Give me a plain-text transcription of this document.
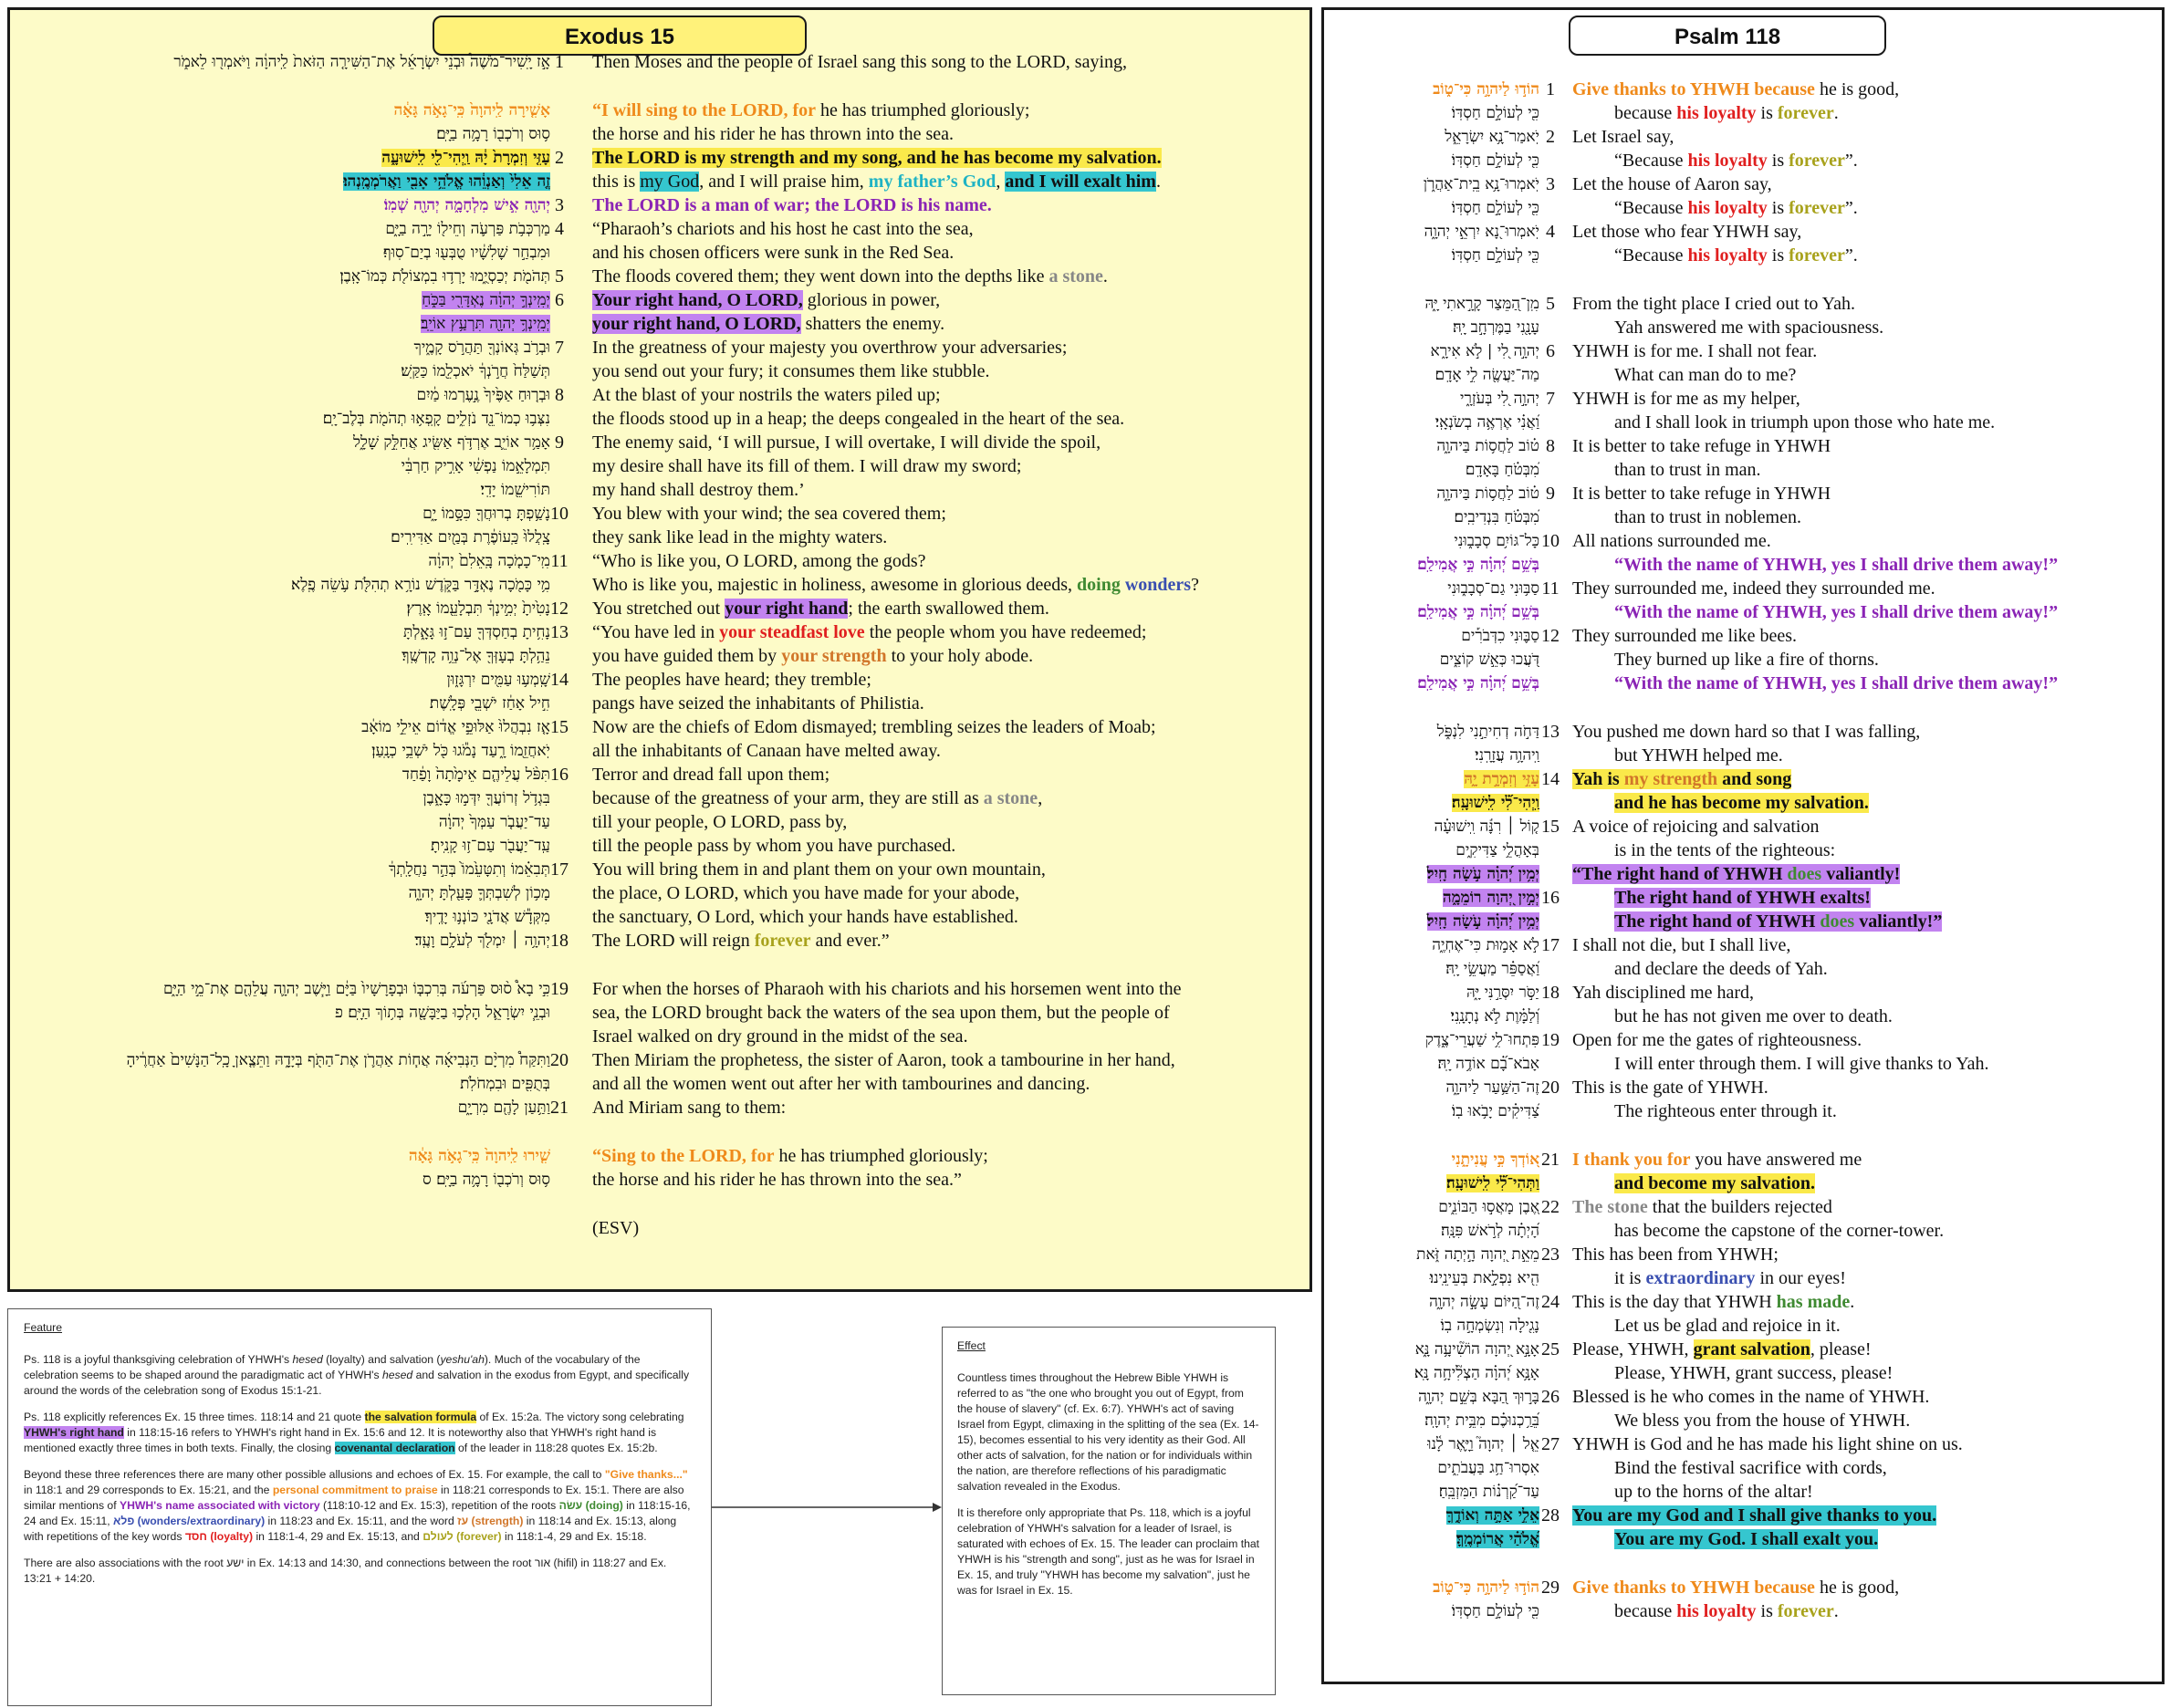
Exodus 15
אָ֣ז יָֽשִׁיר־מֹשֶׁה֩ וּבְנֵ֨י יִשְׂרָאֵ֜ל אֶת־הַשִּׁירָ֤ה הַזֹּאת֙ לַֽיהוָ֔ה וַיֹּאמְר֖וּ לֵאמֹ֑ר 1	Then Moses and the people of Israel sang this song to the LORD, saying,
אָשִׁ֤ירָה לַֽיהוָה֙ כִּֽי־גָאֹ֣ה גָּאָ֔ה “I will sing to the LORD, for he has triumphed gloriously;
ס֥וּס וְרֹכְב֖וֹ רָמָ֥ה בַיָּֽם׃ the horse and his rider he has thrown into the sea.
עָזִּ֤י וְזִמְרָת֙ יָ֔הּ וַֽיְהִי־לִ֖י לִֽישׁוּעָ֑ה 2	The LORD is my strength and my song, and he has become my salvation.
זֶ֤ה אֵלִי֙ וְאַנְוֵ֔הוּ אֱלֹהֵ֥י אָבִ֖י וַאֲרֹמְמֶֽנְהוּ׃ this is my God, and I will praise him, my father’s God, and I will exalt him.
יְהוָ֖ה אִ֣ישׁ מִלְחָמָ֑ה יְהוָ֖ה שְׁמֽוֹ׃ 3	The LORD is a man of war; the LORD is his name.
מַרְכְּבֹ֥ת פַּרְעֹ֛ה וְחֵיל֖וֹ יָרָ֣ה בַיָּ֑ם 4	“Pharaoh’s chariots and his host he cast into the sea,
וּמִבְחַ֣ר שָׁלִשָׁ֔יו טֻבְּע֖וּ בְיַם־סֽוּף׃ and his chosen officers were sunk in the Red Sea.
תְּהֹמֹ֖ת יְכַסְיֻ֑מוּ יָרְד֥וּ בִמְצוֹלֹ֖ת כְּמוֹ־אָֽבֶן׃ 5	The floods covered them; they went down into the depths like a stone.
יְמִֽינְךָ֣ יְהוָ֔ה נֶאְדָּרִ֖י בַּכֹּ֑חַ 6	Your right hand, O LORD, glorious in power,
יְמִֽינְךָ֥ יְהוָ֖ה תִּרְעַ֥ץ אוֹיֵֽב׃ your right hand, O LORD, shatters the enemy.
וּבְרֹ֥ב גְּאוֹנְךָ֖ תַּהֲרֹ֣ס קָמֶ֑יךָ 7	In the greatness of your majesty you overthrow your adversaries;
תְּשַׁלַּח֙ חֲרֹ֣נְךָ֔ יֹאכְלֵ֖מוֹ כַּקַּֽשׁ׃ you send out your fury; it consumes them like stubble.
וּבְר֤וּחַ אַפֶּ֙יךָ֙ נֶ֣עֶרְמוּ מַ֔יִם 8	At the blast of your nostrils the waters piled up;
נִצְּב֥וּ כְמוֹ־נֵ֖ד נֹזְלִ֑ים קָֽפְא֥וּ תְהֹמֹ֖ת בְּלֶב־יָֽם׃ the floods stood up in a heap; the deeps congealed in the heart of the sea.
אָמַ֥ר אוֹיֵ֛ב אֶרְדֹּ֥ף אַשִּׂ֖יג אֲחַלֵּ֣ק שָׁלָ֑ל 9	The enemy said, ‘I will pursue, I will overtake, I will divide the spoil,
תִּמְלָאֵ֣מוֹ נַפְשִׁ֔י אָרִ֣יק חַרְבִּ֔י my desire shall have its fill of them. I will draw my sword;
תּוֹרִישֵׁ֖מוֹ יָדִֽי׃ my hand shall destroy them.’
נָשַׁ֥פְתָּ בְרוּחֲךָ֖ כִּסָּ֣מוֹ יָ֑ם 10	You blew with your wind; the sea covered them;
צָֽלֲלוּ֙ כַּֽעוֹפֶ֔רֶת בְּמַ֖יִם אַדִּירִֽים׃ they sank like lead in the mighty waters.
מִֽי־כָמֹ֤כָה בָּֽאֵלִם֙ יְהוָ֔ה 11	“Who is like you, O LORD, among the gods?
מִ֥י כָּמֹ֖כָה נֶאְדָּ֣ר בַּקֹּ֑דֶשׁ נוֹרָ֥א תְהִלֹּ֖ת עֹ֥שֵׂה פֶֽלֶא׃ Who is like you, majestic in holiness, awesome in glorious deeds, doing wonders?
נָטִ֙יתָ֙ יְמִ֣ינְךָ֔ תִּבְלָעֵ֖מוֹ אָֽרֶץ׃ 12	You stretched out your right hand; the earth swallowed them.
נָחִ֥יתָ בְחַסְדְּךָ֖ עַם־ז֣וּ גָּאָ֑לְתָּ 13	“You have led in your steadfast love the people whom you have redeemed;
נֵהַ֥לְתָּ בְעָזְּךָ֖ אֶל־נְוֵ֥ה קָדְשֶֽׁךָ׃ you have guided them by your strength to your holy abode.
שָֽׁמְע֥וּ עַמִּ֖ים יִרְגָּז֑וּן 14	The peoples have heard; they tremble;
חִ֣יל אָחַ֔ז יֹשְׁבֵ֖י פְּלָֽשֶׁת׃ pangs have seized the inhabitants of Philistia.
אָ֤ז נִבְהֲלוּ֙ אַלּוּפֵ֣י אֱד֔וֹם אֵילֵ֣י מוֹאָ֔ב 15	Now are the chiefs of Edom dismayed; trembling seizes the leaders of Moab;
יֹֽאחֲזֵ֖מוֹ רָ֑עַד נָמֹ֕גוּ כֹּ֖ל יֹשְׁבֵ֥י כְנָֽעַן׃ all the inhabitants of Canaan have melted away.
תִּפֹּ֨ל עֲלֵיהֶ֤ם אֵימָ֙תָה֙ וָפַ֔חַד 16	Terror and dread fall upon them;
בִּגְדֹ֥ל זְרוֹעֲךָ֖ יִדְּמ֣וּ כָּאָ֑בֶן because of the greatness of your arm, they are still as a stone,
עַד־יַעֲבֹ֤ר עַמְּךָ֙ יְהוָ֔ה till your people, O LORD, pass by,
עַֽד־יַעֲבֹ֖ר עַם־ז֥וּ קָנִֽיתָ׃ till the people pass by whom you have purchased.
תְּבִאֵ֗מוֹ וְתִטָּעֵ֙מוֹ֙ בְּהַ֣ר נַחֲלָֽתְךָ֔ 17	You will bring them in and plant them on your own mountain,
מָכ֥וֹן לְשִׁבְתְּךָ֛ פָּעַ֖לְתָּ יְהוָ֑ה the place, O LORD, which you have made for your abode,
מִקְּדָ֕שׁ אֲדֹנָ֖י כּוֹנְנ֥וּ יָדֶֽיךָ׃ the sanctuary, O Lord, which your hands have established.
יְהוָ֥ה ׀ יִמְלֹ֖ךְ לְעֹלָ֥ם וָעֶֽד׃ 18	The LORD will reign forever and ever.”
כִּ֣י בָא֩ ס֨וּס פַּרְעֹ֜ה בְּרִכְבּ֤וֹ וּבְפָרָשָׁיו֙ בַּיָּ֔ם וַיָּ֧שֶׁב יְהוָ֛ה עֲלֵהֶ֖ם אֶת־מֵ֣י הַיָּ֑ם 19	For when the horses of Pharaoh with his chariots and his horsemen went into the
וּבְנֵ֧י יִשְׂרָאֵ֛ל הָלְכ֥וּ בַיַּבָּשָׁ֖ה בְּת֥וֹךְ הַיָּֽם׃ פ sea, the LORD brought back the waters of the sea upon them, but the people of
Israel walked on dry ground in the midst of the sea.
וַתִּקַּח֩ מִרְיָ֨ם הַנְּבִיאָ֜ה אֲח֧וֹת אַהֲרֹ֛ן אֶת־הַתֹּ֖ף בְּיָדָ֑הּ וַתֵּצֶ֤אןָ כָֽל־הַנָּשִׁים֙ אַחֲרֶ֔יהָ 20	Then Miriam the prophetess, the sister of Aaron, took a tambourine in her hand,
בְּתֻפִּ֖ים וּבִמְחֹלֹֽת׃ and all the women went out after her with tambourines and dancing.
וַתַּ֥עַן לָהֶ֖ם מִרְיָ֑ם 21	And Miriam sang to them:
שִׁ֤ירוּ לַֽיהוָה֙ כִּֽי־גָאֹ֣ה גָּאָ֔ה “Sing to the LORD, for he has triumphed gloriously;
ס֥וּס וְרֹכְב֖וֹ רָמָ֥ה בַיָּֽם׃ ס the horse and his rider he has thrown into the sea.”
(ESV)
Psalm 118
הוֹד֣וּ לַיהוָ֣ה כִּי־ט֑וֹב 1 Give thanks to YHWH because he is good,
כִּ֖י לְעוֹלָ֣ם חַסְדּֽוֹ׃	because his loyalty is forever.
יֹֽאמַר־נָ֥א יִשְׂרָאֵ֑ל 2 Let Israel say,
כִּ֖י לְעוֹלָ֣ם חַסְדּֽוֹ׃	“Because his loyalty is forever”.
יֹֽאמְרוּ־נָ֥א בֵֽית־אַהֲרֹ֑ן 3 Let the house of Aaron say,
כִּ֖י לְעוֹלָ֣ם חַסְדּֽוֹ׃	“Because his loyalty is forever”.
יֹֽאמְרוּ־נָ֭א יִרְאֵ֣י יְהוָ֑ה 4 Let those who fear YHWH say,
כִּ֖י לְעוֹלָ֣ם חַסְדּֽוֹ׃	“Because his loyalty is forever”.
מִֽן־הַ֭מֵּצַר קָרָ֣אתִי יָּ֑הּ 5 From the tight place I cried out to Yah.
עָנָ֖נִי בַמֶּרְחָ֣ב יָֽהּ׃	Yah answered me with spaciousness.
יְהוָ֣ה לִ֭י | לֹ֣א אִירָ֑א 6 YHWH is for me. I shall not fear.
מַה־יַּעֲשֶׂ֖ה לִ֣י אָדָֽם׃	What can man do to me?
יְהוָ֣ה לִ֭י בְּעֹזְרָ֑י 7 YHWH is for me as my helper,
וַ֝אֲנִ֗י אֶרְאֶ֥ה בְשֹׂנְאָֽי׃	and I shall look in triumph upon those who hate me.
ט֗וֹב לַחֲס֥וֹת בַּיהוָ֑ה 8 It is better to take refuge in YHWH
מִ֝בְּטֹ֗חַ בָּאָדָֽם׃	than to trust in man.
ט֗וֹב לַחֲס֥וֹת בַּיהוָ֑ה 9 It is better to take refuge in YHWH
מִ֝בְּטֹ֗חַ בִּנְדִיבִֽים׃	than to trust in noblemen.
כָּל־גּוֹיִ֥ם סְבָב֑וּנִי 10 All nations surrounded me.
בְּשֵׁ֥ם יְ֝הוָ֗ה כִּ֣י אֲמִילַֽם׃	“With the name of YHWH, yes I shall drive them away!”
סַבּ֥וּנִי גַם־סְבָב֑וּנִי 11 They surrounded me, indeed they surrounded me.
בְּשֵׁ֥ם יְ֝הוָ֗ה כִּ֣י אֲמִילַֽם׃	“With the name of YHWH, yes I shall drive them away!”
סַבּ֪וּנִי כִדְּבֹרִ֡ים 12 They surrounded me like bees.
דֹּ֭עֲכוּ כְּאֵ֣שׁ קוֹצִ֑ים	They burned up like a fire of thorns.
בְּשֵׁ֥ם יְ֝הוָ֗ה כִּ֣י אֲמִילַֽם׃	“With the name of YHWH, yes I shall drive them away!”
דַּחֹ֣ה דְחִיתַ֣נִי לִנְפֹּ֑ל 13 You pushed me down hard so that I was falling,
וַֽיהוָ֥ה עֲזָרָֽנִי׃	but YHWH helped me.
עָזִּ֣י וְזִמְרָ֣ת יָ֑הּ 14 Yah is my strength and song
וַֽיְהִי־לִ֝֗י לִֽישׁוּעָֽה׃	and he has become my salvation.
ק֤וֹל ׀ רִנָּ֬ה וִֽישׁוּעָ֗ה 15 A voice of rejoicing and salvation
בְּאָהֳלֵ֥י צַדִּיקִ֑ים	is in the tents of the righteous:
יְמִ֥ין יְ֝הוָ֗ה עֹ֣שָׂה חָֽיִל׃ “The right hand of YHWH does valiantly!
יְמִ֣ין יְ֭הוָה רוֹמֵמָ֑ה 16	The right hand of YHWH exalts!
יְמִ֥ין יְ֝הוָ֗ה עֹ֣שָׂה חָֽיִל׃	The right hand of YHWH does valiantly!”
לֹ֣א אָמ֣וּת כִּי־אֶחְיֶ֑ה 17 I shall not die, but I shall live,
וַ֝אֲסַפֵּ֗ר מַעֲשֵׂ֥י יָֽהּ׃	and declare the deeds of Yah.
יַסֹּ֣ר יִסְּרַ֣נִּי יָּ֑הּ 18 Yah disciplined me hard,
וְ֝לַמָּ֗וֶת לֹ֣א נְתָנָֽנִי׃	but he has not given me over to death.
פִּתְחוּ־לִ֥י שַׁעֲרֵי־צֶ֑דֶק 19 Open for me the gates of righteousness.
אָבֹא־בָ֝֗ם אוֹדֶ֥ה יָֽהּ׃	I will enter through them. I will give thanks to Yah.
זֶה־הַשַּׁ֥עַר לַיהוָ֑ה 20 This is the gate of YHWH.
צַ֝דִּיקִ֗ים יָבֹ֥אוּ בֽוֹ׃	The righteous enter through it.
א֭וֹדְךָ כִּ֣י עֲנִיתָ֑נִי 21 I thank you for you have answered me
וַתְּהִי־לִ֝֗י לִֽישׁוּעָֽה׃	and become my salvation.
אֶ֭בֶן מָאֲס֣וּ הַבּוֹנִ֑ים 22 The stone that the builders rejected
הָ֝יְתָ֗ה לְרֹ֣אשׁ פִּנָּֽה׃	has become the capstone of the corner-tower.
מֵאֵ֣ת יְ֭הוָה הָ֣יְתָה זֹּ֑את 23 This has been from YHWH;
הִ֖יא נִפְלָ֣את בְּעֵינֵֽינוּ׃	it is extraordinary in our eyes!
זֶה־הַ֭יּוֹם עָשָׂ֣ה יְהוָ֑ה 24 This is the day that YHWH has made.
נָגִ֖ילָה וְנִשְׂמְחָ֣ה בֽוֹ׃	Let us be glad and rejoice in it.
אָנָּ֣א יְ֭הוָה הוֹשִׁ֘יעָ֥ה נָּ֑א 25 Please, YHWH, grant salvation, please!
אָנָּ֥א יְ֝הוָ֗ה הַצְלִ֘יחָ֥ה נָּֽא׃	Please, YHWH, grant success, please!
בָּר֣וּךְ הַ֭בָּא בְּשֵׁ֣ם יְהוָ֑ה 26 Blessed is he who comes in the name of YHWH.
בֵּ֝רַ֥כְנוּכֶ֗ם מִבֵּ֥ית יְהוָֽה׃	We bless you from the house of YHWH.
אֵ֤ל ׀ יְהוָה֮ וַיָּ֪אֶר לָ֫נוּ 27 YHWH is God and he has made his light shine on us.
אִסְרוּ־חַ֥ג בַּעֲבֹתִ֑ים	Bind the festival sacrifice with cords,
עַד־קַ֝רְנ֗וֹת הַמִּזְבֵּֽחַ׃	up to the horns of the altar!
אֵלִ֣י אַתָּ֣ה וְאוֹדֶ֑ךָּ 28 You are my God and I shall give thanks to you.
אֱ֝לֹהַ֗י אֲרוֹמְמֶֽךָּ׃	You are my God. I shall exalt you.
הוֹד֣וּ לַיהוָ֣ה כִּי־ט֑וֹב 29 Give thanks to YHWH because he is good,
כִּ֖י לְעוֹלָ֣ם חַסְדּֽוֹ׃	because his loyalty is forever.
Feature

Ps. 118 is a joyful thanksgiving celebration of YHWH's hesed (loyalty) and salvation (yeshu'ah). Much of the vocabulary of the celebration seems to be shaped around the paradigmatic act of YHWH's hesed and salvation in the exodus from Egypt, and specifically around the words of the celebration song of Exodus 15:1-21.

Ps. 118 explicitly references Ex. 15 three times. 118:14 and 21 quote the salvation formula of Ex. 15:2a. The victory song celebrating YHWH's right hand in 118:15-16 refers to YHWH's right hand in Ex. 15:6 and 12. It is noteworthy also that YHWH's right hand is mentioned exactly three times in both texts. Finally, the closing covenantal declaration of the leader in 118:28 quotes Ex. 15:2b.

Beyond these three references there are many other possible allusions and echoes of Ex. 15. For example, the call to "Give thanks..." in 118:1 and 29 corresponds to Ex. 15:21, and the personal commitment to praise in 118:21 corresponds to Ex. 15:1. There are also similar mentions of YHWH's name associated with victory (118:10-12 and Ex. 15:3), repetition of the roots עשׂה (doing) in 118:15-16, 24 and Ex. 15:11, פלא (wonders/extraordinary) in 118:23 and Ex. 15:11, and the word עז (strength) in 118:14 and Ex. 15:13, along with repetitions of the key words חסד (loyalty) in 118:1-4, 29 and Ex. 15:13, and לעולם (forever) in 118:1-4, 29 and Ex. 15:18.

There are also associations with the root ישע in Ex. 14:13 and 14:30, and connections between the root אור (hifil) in 118:27 and Ex. 13:21 + 14:20.

Effect

Countless times throughout the Hebrew Bible YHWH is referred to as "the one who brought you out of Egypt, from the house of slavery" (cf. Ex. 6:7). YHWH's act of saving Israel from Egypt, climaxing in the splitting of the sea (Ex. 14-15), becomes essential to his very identity as their God. All other acts of salvation, for the nation or for individuals within the nation, are therefore reflections of his paradigmatic salvation revealed in the Exodus.

It is therefore only appropriate that Ps. 118, which is a joyful celebration of YHWH's salvation for a leader of Israel, is saturated with echoes of Ex. 15. The leader can proclaim that YHWH is his "strength and song", just as he was for Israel in Ex. 15, and truly "YHWH has become my salvation", just he was for Israel in Ex. 15.
